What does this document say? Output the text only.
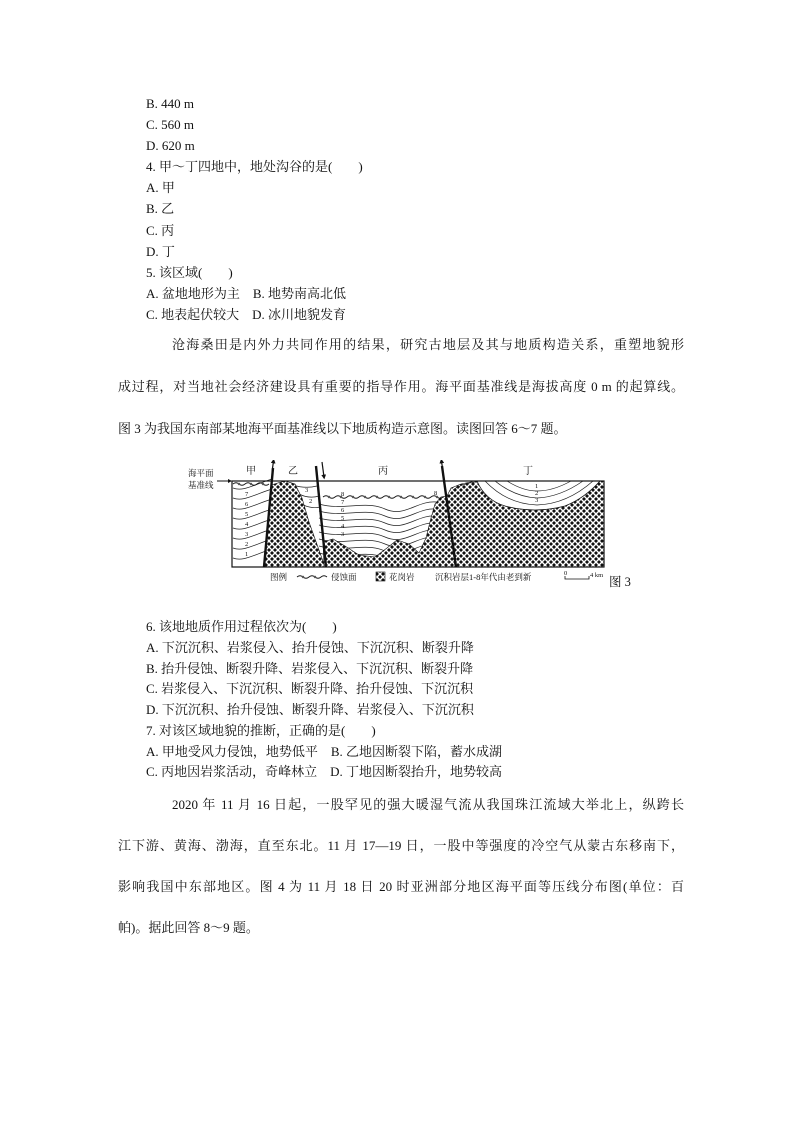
B. 440 m
C. 560 m
D. 620 m
4. 甲～丁四地中，地处沟谷的是(　　)
A. 甲
B. 乙
C. 丙
D. 丁
5. 该区域(　　)
A. 盆地地形为主　B. 地势南高北低
C. 地表起伏较大　D. 冰川地貌发育
沧海桑田是内外力共同作用的结果，研究古地层及其与地质构造关系，重塑地貌形
成过程，对当地社会经济建设具有重要的指导作用。海平面基准线是海拔高度 0 m 的起算线。
图 3 为我国东南部某地海平面基准线以下地质构造示意图。读图回答 6～7 题。
7
6
5
4
3
2
1
3
2
8
7
6
5
4
3
8
1
2
3
海平面
基准线
甲	乙	丙	丁
图例	侵蚀面	花岗岩 沉积岩层1-8年代由老到新	0	4 km 图 3
6. 该地地质作用过程依次为(　　)
A. 下沉沉积、岩浆侵入、抬升侵蚀、下沉沉积、断裂升降
B. 抬升侵蚀、断裂升降、岩浆侵入、下沉沉积、断裂升降
C. 岩浆侵入、下沉沉积、断裂升降、抬升侵蚀、下沉沉积
D. 下沉沉积、抬升侵蚀、断裂升降、岩浆侵入、下沉沉积
7. 对该区域地貌的推断，正确的是(　　)
A. 甲地受风力侵蚀，地势低平　B. 乙地因断裂下陷，蓄水成湖
C. 丙地因岩浆活动，奇峰林立　D. 丁地因断裂抬升，地势较高
2020 年 11 月 16 日起，一股罕见的强大暖湿气流从我国珠江流域大举北上，纵跨长
江下游、黄海、渤海，直至东北。11 月 17—19 日，一股中等强度的冷空气从蒙古东移南下，
影响我国中东部地区。图 4 为 11 月 18 日 20 时亚洲部分地区海平面等压线分布图(单位：百
帕)。据此回答 8～9 题。
